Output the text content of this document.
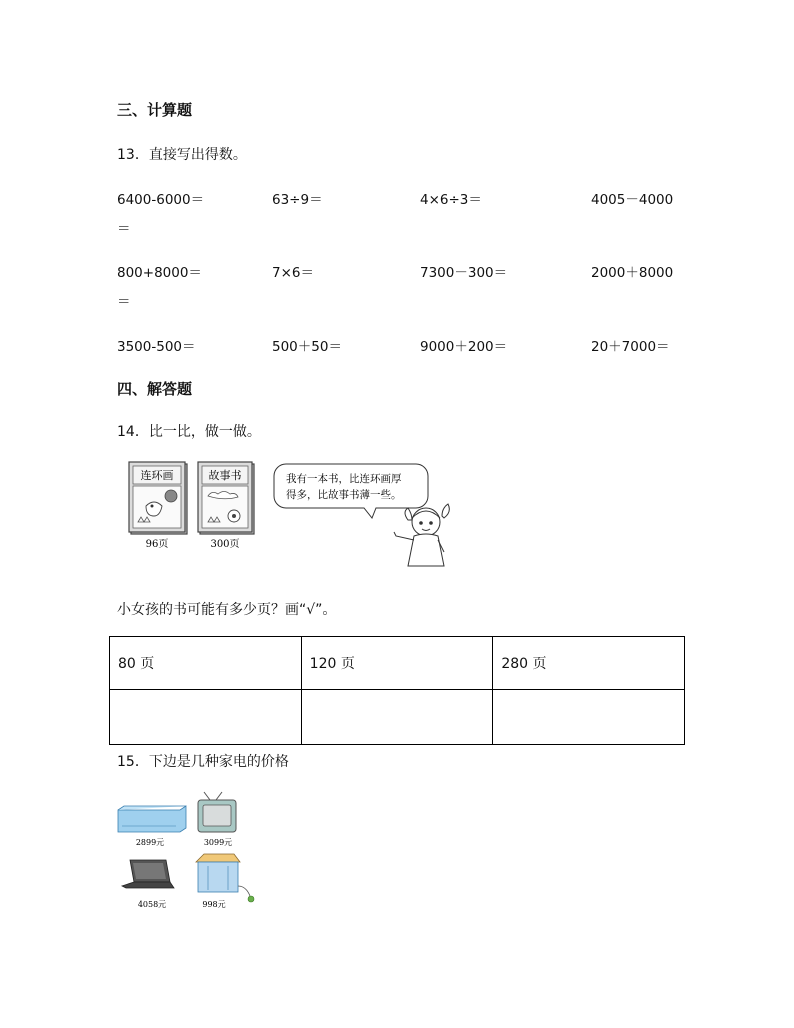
三、计算题
13．直接写出得数。
6400-6000＝	63÷9＝	4×6÷3＝	4005－4000
＝
800+8000＝	7×6＝	7300－300＝	2000＋8000
＝
3500-500＝	500＋50＝	9000＋200＝	20＋7000＝
四、解答题
14．比一比，做一做。
连环画
96页
故事书
300页
我有一本书，比连环画厚
得多，比故事书薄一些。
小女孩的书可能有多少页？画“√”。
80 页	120 页	280 页

15．下边是几种家电的价格
2899元	3099元
4058元	998元
